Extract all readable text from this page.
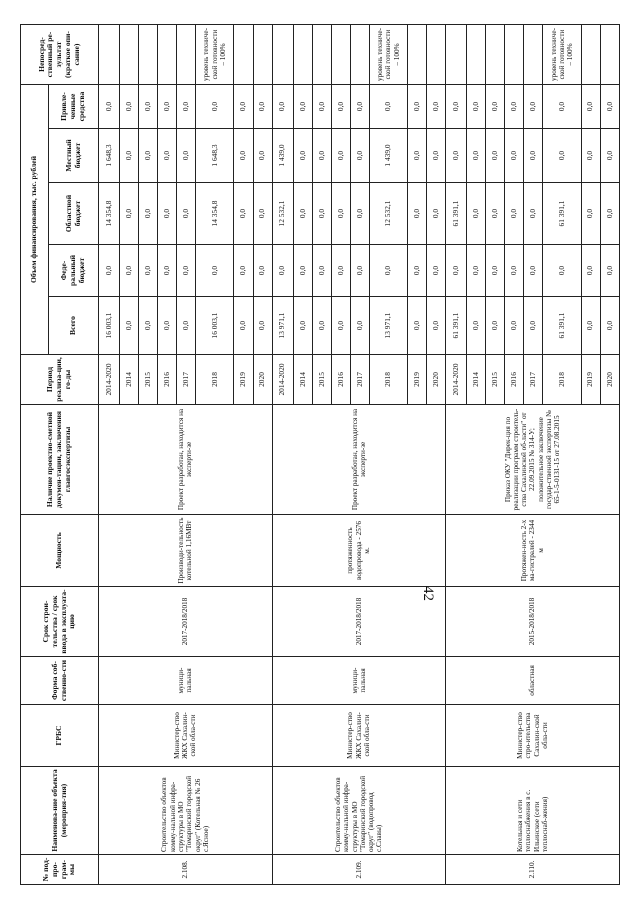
№ под-про-грам-мы	Наименова-ние объекта (мероприя-тия)	ГРБС	Форма соб-ственно-сти	Срок строи-тельства / срок ввода в эксплуата-цию	Мощность	Наличие проектно-сметной докумен-тации, заключения главгосэкспертизы	Период реализа-ции, го-ды	Объем финансирования, тыс. рублей					Непосред-ственный ре-зультат (краткое опи-сание)
								Всего	Феде-ральный бюджет	Областной бюджет	Местный бюджет	Привле-ченные средства	
2.108.	Строительство объектов комму-нальной инфра-структуры в МО "Томаринский городской округ" (Котельная № 26 с.Ясное)	Министер-ство ЖКХ Сахалин-ской обла-сти	муници-пальная	2017-2018/2018	Производи-тельность котельной 1,16МВт	Проект разработан, находится на эксперти-зе	2014-2020	16 003,1	0,0	14 354,8	1 648,3	0,0	
							2014	0,0	0,0	0,0	0,0	0,0	
							2015	0,0	0,0	0,0	0,0	0,0	
							2016	0,0	0,0	0,0	0,0	0,0	
							2017	0,0	0,0	0,0	0,0	0,0	
							2018	16 003,1	0,0	14 354,8	1 648,3	0,0	уровень техниче-ской готовности – 100%
							2019	0,0	0,0	0,0	0,0	0,0	
							2020	0,0	0,0	0,0	0,0	0,0	
2.109.	Строительство объектов комму-нальной инфра-структуры в МО "Томаринский городской округ" (водопровод с.Славы)	Министер-ство ЖКХ Сахалин-ской обла-сти	муници-пальная	2017-2018/2018	протяженность водопровода - 2576 м.	Проект разработан, находится на эксперти-зе	2014-2020	13 971,1	0,0	12 532,1	1 439,0	0,0	
							2014	0,0	0,0	0,0	0,0	0,0	
							2015	0,0	0,0	0,0	0,0	0,0	
							2016	0,0	0,0	0,0	0,0	0,0	
							2017	0,0	0,0	0,0	0,0	0,0	
							2018	13 971,1	0,0	12 532,1	1 439,0	0,0	уровень техниче-ской готовности – 100%
							2019	0,0	0,0	0,0	0,0	0,0	
							2020	0,0	0,0	0,0	0,0	0,0	
2.110.	Котельная и сети теплоснабжения в с. Ильинское (сети теплоснаб-жения)	Министер-ство стро-ительства Сахалин-ской обла-сти	областная	2015-2018/2018	Протяжен-ность 2-х ма-гистралей - 2344 м	Приказ ОКУ "Дирек-ция по реализации программ строитель-ства Сахалинской об-ласти" от 22.09.2015 № 314-У; положительное заключение государ-ственной экспертизы № 65-1-5-0131-15 от 27.08.2015	2014-2020	61 391,1	0,0	61 391,1	0,0	0,0	
							2014	0,0	0,0	0,0	0,0	0,0	
							2015	0,0	0,0	0,0	0,0	0,0	
							2016	0,0	0,0	0,0	0,0	0,0	
							2017	0,0	0,0	0,0	0,0	0,0	
							2018	61 391,1	0,0	61 391,1	0,0	0,0	уровень техниче-ской готовности – 100%
							2019	0,0	0,0	0,0	0,0	0,0	
							2020	0,0	0,0	0,0	0,0	0,0	
42
